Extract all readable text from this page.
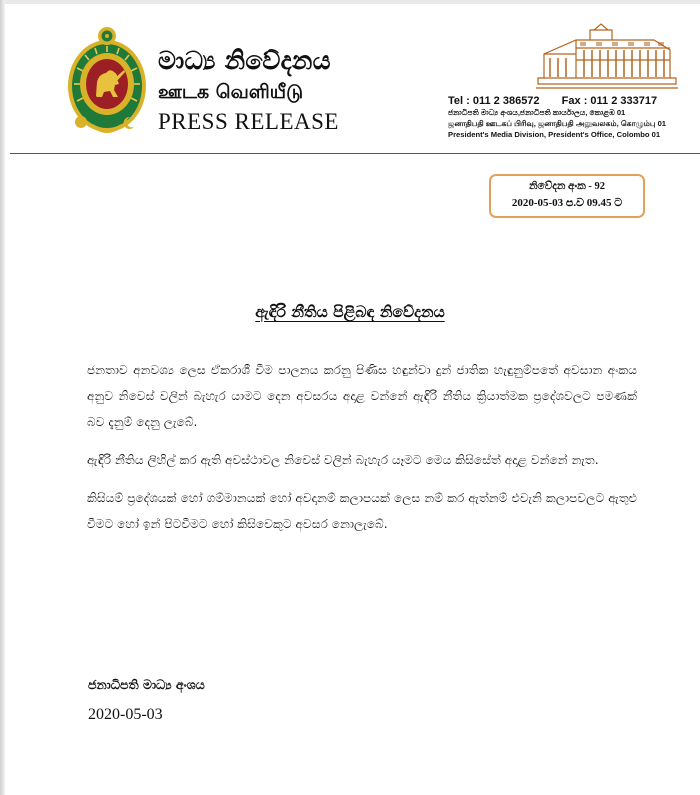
මාධ්‍ය නිවේදනය
ஊடக வெளியீடு
PRESS RELEASE
Tel : 011 2 386572 Fax : 011 2 333717
ජනාධිපති මාධ්‍ය අංශය,ජනාධිපති කාර්යාලය, කොළඹ 01
ஜனாதிபதி ஊடகப் பிரிவு, ஜனாதிபதி அலுவலகம், கொழும்பு 01
President's Media Division, President's Office, Colombo 01
නිවේදන අංක - 92
2020-05-03 ප.ව 09.45 ට
ඇඳිරි නීතිය පිළිබඳ නිවේදනය

ජනතාව අනවශ්‍ය ලෙස ඒකරාශී වීම පාලනය කරනු පිණිස හඳුන්වා දුන් ජාතික හැඳුනුම්පතේ අවසාන අංකය අනුව නිවෙස් වලින් බැහැර යාමට දෙන අවසරය අදාළ වන්නේ ඇඳිරි නීතිය ක්‍රියාත්මක ප්‍රදේශවලට පමණක් බව දැනුම් දෙනු ලැබේ.

ඇඳිරි නීතිය ලිහිල් කර ඇති අවස්ථාවල නිවෙස් වලින් බැහැර යෑමට මෙය කිසිසේත් අදාළ වන්නේ නැත.

කිසියම් ප්‍රදේශයක් හෝ ගම්මානයක් හෝ අවදානම් කලාපයක් ලෙස නම් කර ඇත්නම් එවැනි කලාපවලට ඇතුළු වීමට හෝ ඉන් පිටවීමට හෝ කිසිවෙකුට අවසර නොලැබේ.

ජනාධිපති මාධ්‍ය අංශය
2020-05-03
